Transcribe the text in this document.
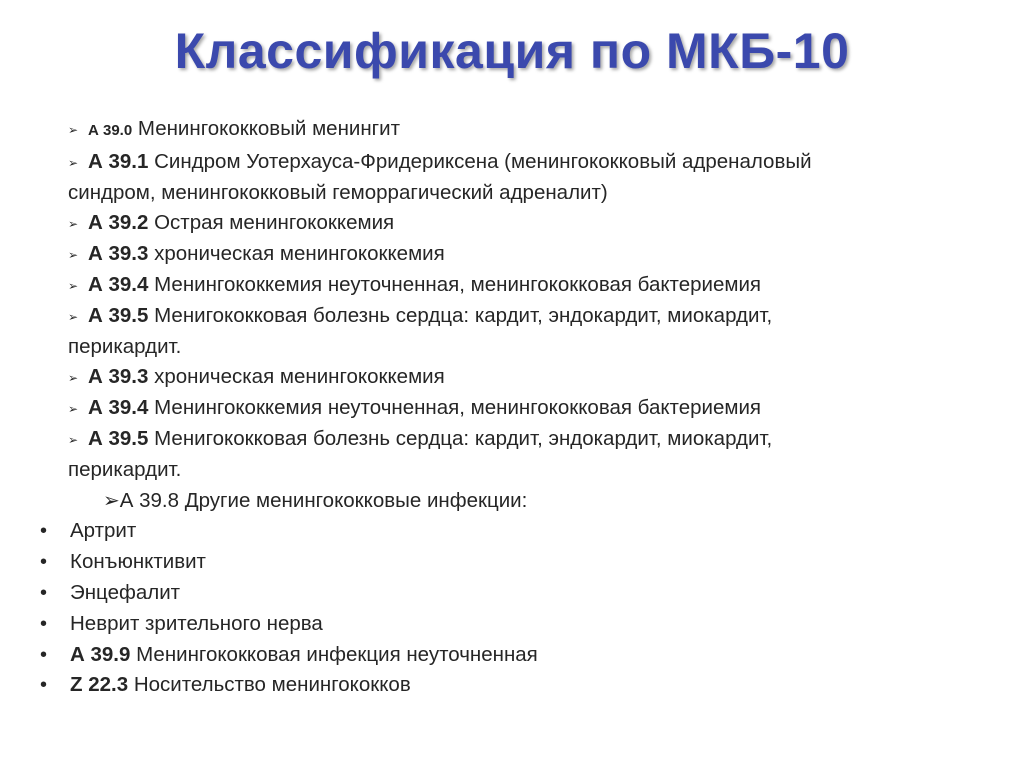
Классификация по МКБ-10
➢ А 39.0 Менингококковый менингит
➢ А 39.1 Синдром Уотерхауса-Фридериксена (менингококковый адреналовый
синдром, менингококковый геморрагический адреналит)
➢ А 39.2 Острая менингококкемия
➢ А 39.3 хроническая менингококкемия
➢ А 39.4 Менингококкемия неуточненная, менингококковая бактериемия
➢ А 39.5 Менигококковая болезнь сердца: кардит, эндокардит, миокардит,
перикардит.
➢ А 39.3 хроническая менингококкемия
➢ А 39.4 Менингококкемия неуточненная, менингококковая бактериемия
➢ А 39.5 Менигококковая болезнь сердца: кардит, эндокардит, миокардит,
перикардит.
➢А 39.8 Другие менингококковые инфекции:
• Артрит
• Конъюнктивит
• Энцефалит
• Неврит зрительного нерва
• А 39.9 Менингококковая инфекция неуточненная
• Z 22.3 Носительство менингококков
